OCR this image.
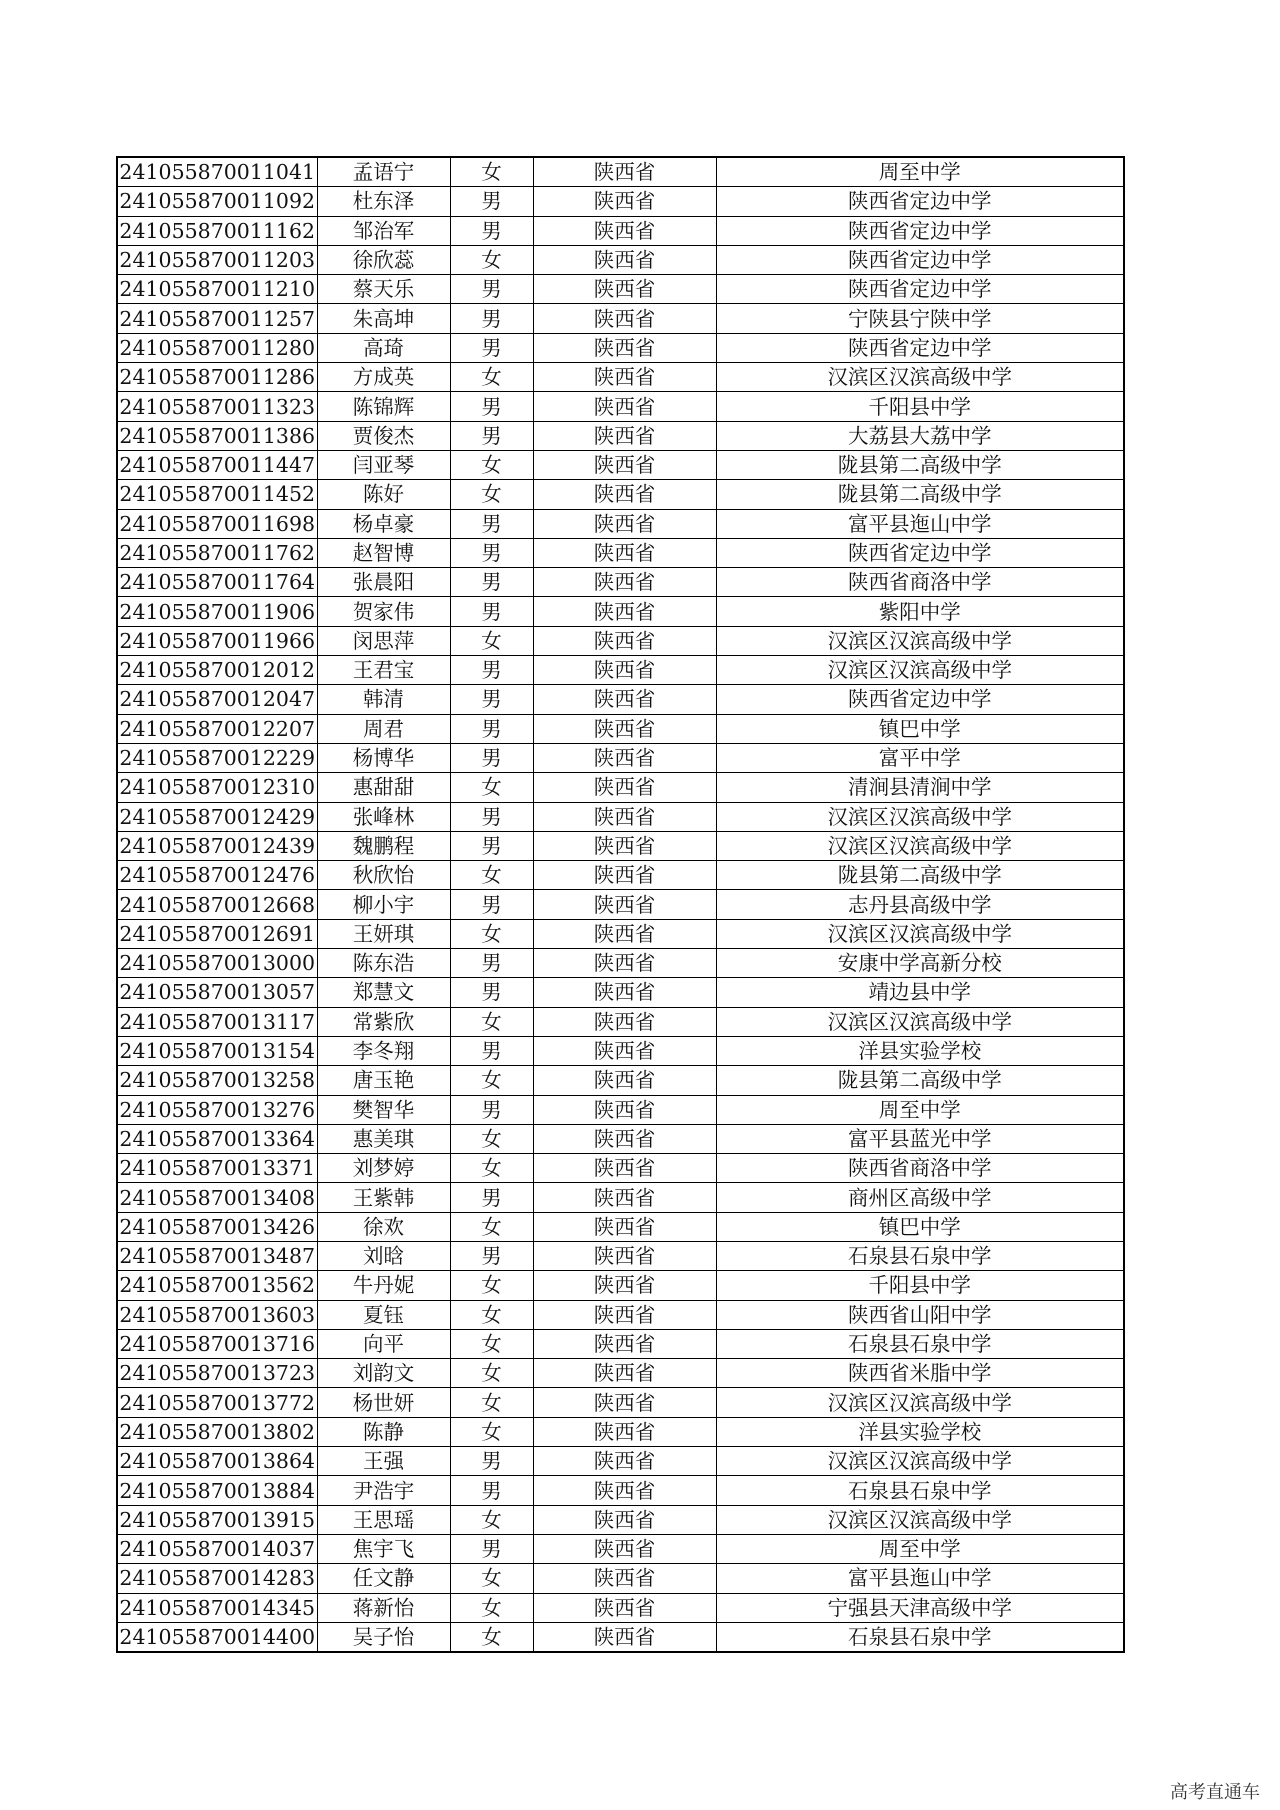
241055870011041	孟语宁	女	陕西省	周至中学
241055870011092	杜东泽	男	陕西省	陕西省定边中学
241055870011162	邹治军	男	陕西省	陕西省定边中学
241055870011203	徐欣蕊	女	陕西省	陕西省定边中学
241055870011210	蔡天乐	男	陕西省	陕西省定边中学
241055870011257	朱高坤	男	陕西省	宁陕县宁陕中学
241055870011280	高琦	男	陕西省	陕西省定边中学
241055870011286	方成英	女	陕西省	汉滨区汉滨高级中学
241055870011323	陈锦辉	男	陕西省	千阳县中学
241055870011386	贾俊杰	男	陕西省	大荔县大荔中学
241055870011447	闫亚琴	女	陕西省	陇县第二高级中学
241055870011452	陈好	女	陕西省	陇县第二高级中学
241055870011698	杨卓豪	男	陕西省	富平县迤山中学
241055870011762	赵智博	男	陕西省	陕西省定边中学
241055870011764	张晨阳	男	陕西省	陕西省商洛中学
241055870011906	贺家伟	男	陕西省	紫阳中学
241055870011966	闵思萍	女	陕西省	汉滨区汉滨高级中学
241055870012012	王君宝	男	陕西省	汉滨区汉滨高级中学
241055870012047	韩清	男	陕西省	陕西省定边中学
241055870012207	周君	男	陕西省	镇巴中学
241055870012229	杨博华	男	陕西省	富平中学
241055870012310	惠甜甜	女	陕西省	清涧县清涧中学
241055870012429	张峰林	男	陕西省	汉滨区汉滨高级中学
241055870012439	魏鹏程	男	陕西省	汉滨区汉滨高级中学
241055870012476	秋欣怡	女	陕西省	陇县第二高级中学
241055870012668	柳小宇	男	陕西省	志丹县高级中学
241055870012691	王妍琪	女	陕西省	汉滨区汉滨高级中学
241055870013000	陈东浩	男	陕西省	安康中学高新分校
241055870013057	郑慧文	男	陕西省	靖边县中学
241055870013117	常紫欣	女	陕西省	汉滨区汉滨高级中学
241055870013154	李冬翔	男	陕西省	洋县实验学校
241055870013258	唐玉艳	女	陕西省	陇县第二高级中学
241055870013276	樊智华	男	陕西省	周至中学
241055870013364	惠美琪	女	陕西省	富平县蓝光中学
241055870013371	刘梦婷	女	陕西省	陕西省商洛中学
241055870013408	王紫韩	男	陕西省	商州区高级中学
241055870013426	徐欢	女	陕西省	镇巴中学
241055870013487	刘晗	男	陕西省	石泉县石泉中学
241055870013562	牛丹妮	女	陕西省	千阳县中学
241055870013603	夏钰	女	陕西省	陕西省山阳中学
241055870013716	向平	女	陕西省	石泉县石泉中学
241055870013723	刘韵文	女	陕西省	陕西省米脂中学
241055870013772	杨世妍	女	陕西省	汉滨区汉滨高级中学
241055870013802	陈静	女	陕西省	洋县实验学校
241055870013864	王强	男	陕西省	汉滨区汉滨高级中学
241055870013884	尹浩宇	男	陕西省	石泉县石泉中学
241055870013915	王思瑶	女	陕西省	汉滨区汉滨高级中学
241055870014037	焦宇飞	男	陕西省	周至中学
241055870014283	任文静	女	陕西省	富平县迤山中学
241055870014345	蒋新怡	女	陕西省	宁强县天津高级中学
241055870014400	吴子怡	女	陕西省	石泉县石泉中学
高考直通车
